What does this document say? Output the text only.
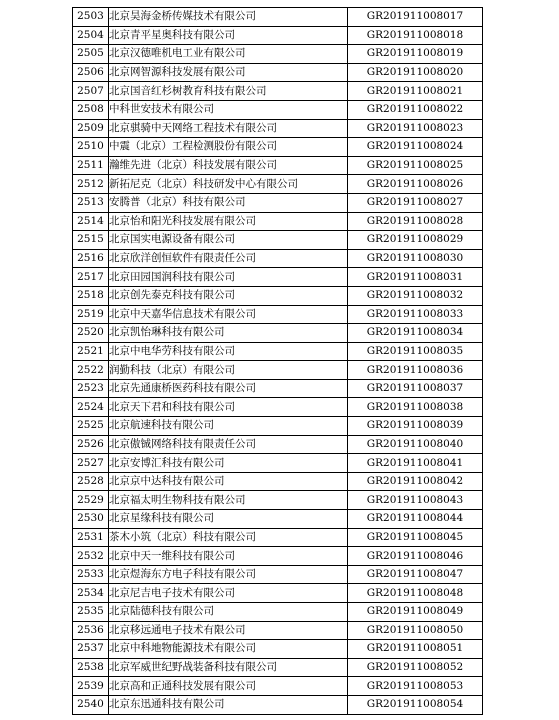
2503	北京昊海金桥传媒技术有限公司	GR201911008017
2504	北京青平星奥科技有限公司	GR201911008018
2505	北京汉德唯机电工业有限公司	GR201911008019
2506	北京网智源科技发展有限公司	GR201911008020
2507	北京国音红杉树教育科技有限公司	GR201911008021
2508	中科世安技术有限公司	GR201911008022
2509	北京骐骑中天网络工程技术有限公司	GR201911008023
2510	中震（北京）工程检测股份有限公司	GR201911008024
2511	瀚维先进（北京）科技发展有限公司	GR201911008025
2512	新拓尼克（北京）科技研发中心有限公司	GR201911008026
2513	安腾普（北京）科技有限公司	GR201911008027
2514	北京怡和阳光科技发展有限公司	GR201911008028
2515	北京国实电源设备有限公司	GR201911008029
2516	北京欣洋创恒软件有限责任公司	GR201911008030
2517	北京田园国润科技有限公司	GR201911008031
2518	北京创先泰克科技有限公司	GR201911008032
2519	北京中天嘉华信息技术有限公司	GR201911008033
2520	北京凯怡琳科技有限公司	GR201911008034
2521	北京中电华劳科技有限公司	GR201911008035
2522	润勤科技（北京）有限公司	GR201911008036
2523	北京先通康桥医药科技有限公司	GR201911008037
2524	北京天下君和科技有限公司	GR201911008038
2525	北京航速科技有限公司	GR201911008039
2526	北京傲铖网络科技有限责任公司	GR201911008040
2527	北京安博汇科技有限公司	GR201911008041
2528	北京京中达科技有限公司	GR201911008042
2529	北京福太明生物科技有限公司	GR201911008043
2530	北京星缘科技有限公司	GR201911008044
2531	茶木小筑（北京）科技有限公司	GR201911008045
2532	北京中天一维科技有限公司	GR201911008046
2533	北京煜海东方电子科技有限公司	GR201911008047
2534	北京尼吉电子技术有限公司	GR201911008048
2535	北京陆德科技有限公司	GR201911008049
2536	北京移远通电子技术有限公司	GR201911008050
2537	北京中科地物能源技术有限公司	GR201911008051
2538	北京军威世纪野战装备科技有限公司	GR201911008052
2539	北京高和正通科技发展有限公司	GR201911008053
2540	北京东迅通科技有限公司	GR201911008054
